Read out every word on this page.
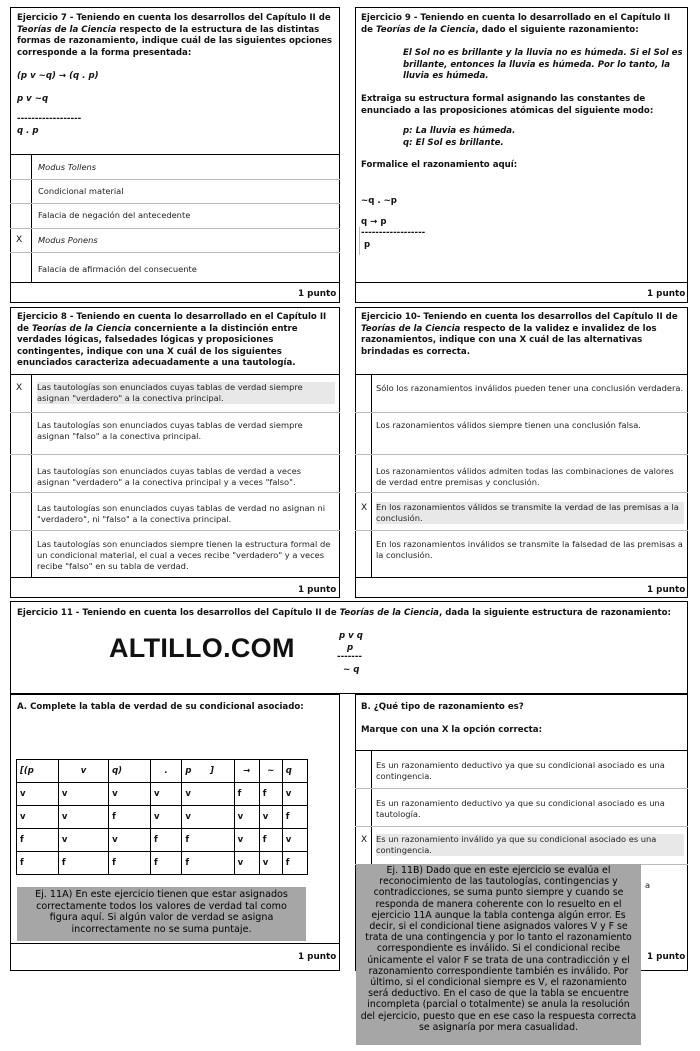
Ejercicio 7 - Teniendo en cuenta los desarrollos del Capítulo II de Teorías de la Ciencia respecto de la estructura de las distintas formas de razonamiento, indique cuál de las siguientes opciones corresponde a la forma presentada:
(p v ~q) → (q . p)
p v ~q
------------------
q . p
Modus Tollens
Condicional material
Falacia de negación del antecedente
X Modus Ponens
Falacia de afirmación del consecuente
1 punto
Ejercicio 9 - Teniendo en cuenta lo desarrollado en el Capítulo II de Teorías de la Ciencia, dado el siguiente razonamiento:
El Sol no es brillante y la lluvia no es húmeda. Si el Sol es brillante, entonces la lluvia es húmeda. Por lo tanto, la lluvia es húmeda.
Extraiga su estructura formal asignando las constantes de enunciado a las proposiciones atómicas del siguiente modo:
p: La lluvia es húmeda.
q: El Sol es brillante.
Formalice el razonamiento aquí:
~q . ~p
q → p
------------------
p
1 punto
Ejercicio 8 - Teniendo en cuenta lo desarrollado en el Capítulo II de Teorías de la Ciencia concerniente a la distinción entre verdades lógicas, falsedades lógicas y proposiciones contingentes, indique con una X cuál de los siguientes enunciados caracteriza adecuadamente a una tautología.
X Las tautologías son enunciados cuyas tablas de verdad siempre asignan "verdadero" a la conectiva principal.
Las tautologías son enunciados cuyas tablas de verdad siempre asignan "falso" a la conectiva principal.
Las tautologías son enunciados cuyas tablas de verdad a veces asignan "verdadero" a la conectiva principal y a veces "falso".
Las tautologías son enunciados cuyas tablas de verdad no asignan ni "verdadero", ni "falso" a la conectiva principal.
Las tautologías son enunciados siempre tienen la estructura formal de un condicional material, el cual a veces recibe "verdadero" y a veces recibe "falso" en su tabla de verdad.
1 punto
Ejercicio 10- Teniendo en cuenta los desarrollos del Capítulo II de Teorías de la Ciencia respecto de la validez e invalidez de los razonamientos, indique con una X cuál de las alternativas brindadas es correcta.
Sólo los razonamientos inválidos pueden tener una conclusión verdadera.
Los razonamientos válidos siempre tienen una conclusión falsa.
Los razonamientos válidos admiten todas las combinaciones de valores de verdad entre premisas y conclusión.
X En los razonamientos válidos se transmite la verdad de las premisas a la conclusión.
En los razonamientos inválidos se transmite la falsedad de las premisas a la conclusión.
1 punto
Ejercicio 11 - Teniendo en cuenta los desarrollos del Capítulo II de Teorías de la Ciencia, dada la siguiente estructura de razonamiento:
ALTILLO.COM	p v q
p
-------
~ q
A. Complete la tabla de verdad de su condicional asociado:
[(p	v	q)	.	p	]	→	~	q
v	v	v	v	v		f	f	v
v	v	f	v	v		v	v	f
f	v	v	f	f		v	f	v
f	f	f	f	f		v	v	f
Ej. 11A) En este ejercicio tienen que estar asignados correctamente todos los valores de verdad tal como figura aquí. Si algún valor de verdad se asigna incorrectamente no se suma puntaje.
1 punto
B. ¿Qué tipo de razonamiento es?
Marque con una X la opción correcta:
Es un razonamiento deductivo ya que su condicional asociado es una contingencia.
Es un razonamiento deductivo ya que su condicional asociado es una tautología.
X Es un razonamiento inválido ya que su condicional asociado es una contingencia.
a
Ej. 11B) Dado que en este ejercicio se evalúa el reconocimiento de las tautologías, contingencias y contradicciones, se suma punto siempre y cuando se responda de manera coherente con lo resuelto en el ejercicio 11A aunque la tabla contenga algún error. Es decir, si el condicional tiene asignados valores V y F se trata de una contingencia y por lo tanto el razonamiento correspondiente es inválido. Si el condicional recibe únicamente el valor F se trata de una contradicción y el razonamiento correspondiente también es inválido. Por último, si el condicional siempre es V, el razonamiento será deductivo. En el caso de que la tabla se encuentre incompleta (parcial o totalmente) se anula la resolución del ejercicio, puesto que en ese caso la respuesta correcta se asignaría por mera casualidad.
1 punto
